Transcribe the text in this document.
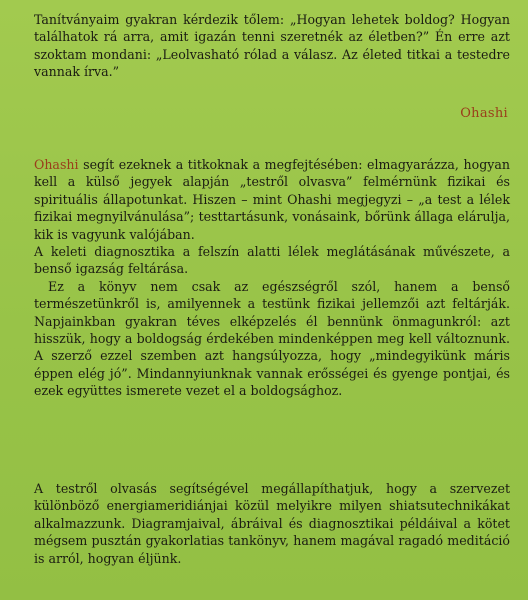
Tanítványaim gyakran kérdezik tőlem: „Hogyan lehetek boldog? Hogyan találhatok rá arra, amit igazán tenni szeretnék az életben?” Én erre azt szoktam mondani: „Leolvasható rólad a válasz. Az életed titkai a testedre vannak írva.”

Ohashi

Ohashi segít ezeknek a titkoknak a megfejtésében: elmagyarázza, hogyan kell a külső jegyek alapján „testről olvasva” felmérnünk fizikai és spirituális állapotunkat. Hiszen – mint Ohashi megjegyzi – „a test a lélek fizikai megnyilvánulása”; testtartásunk, vonásaink, bőrünk állaga elárulja, kik is vagyunk valójában.

A keleti diagnosztika a felszín alatti lélek meglátásának művészete, a benső igazság feltárása.

Ez a könyv nem csak az egészségről szól, hanem a benső természetünkről is, amilyennek a testünk fizikai jellemzői azt feltárják. Napjainkban gyakran téves elképzelés él bennünk önmagunkról: azt hisszük, hogy a boldogság érdekében mindenképpen meg kell változnunk. A szerző ezzel szemben azt hangsúlyozza, hogy „mindegyikünk máris éppen elég jó”. Mindannyiunknak vannak erősségei és gyenge pontjai, és ezek együttes ismerete vezet el a boldogsághoz.

A testről olvasás segítségével megállapíthatjuk, hogy a szervezet különböző energiameridiánjai közül melyikre milyen shiatsutechnikákat alkalmazzunk. Diagramjaival, ábráival és diagnosztikai példáival a kötet mégsem pusztán gyakorlatias tankönyv, hanem magával ragadó meditáció is arról, hogyan éljünk.
